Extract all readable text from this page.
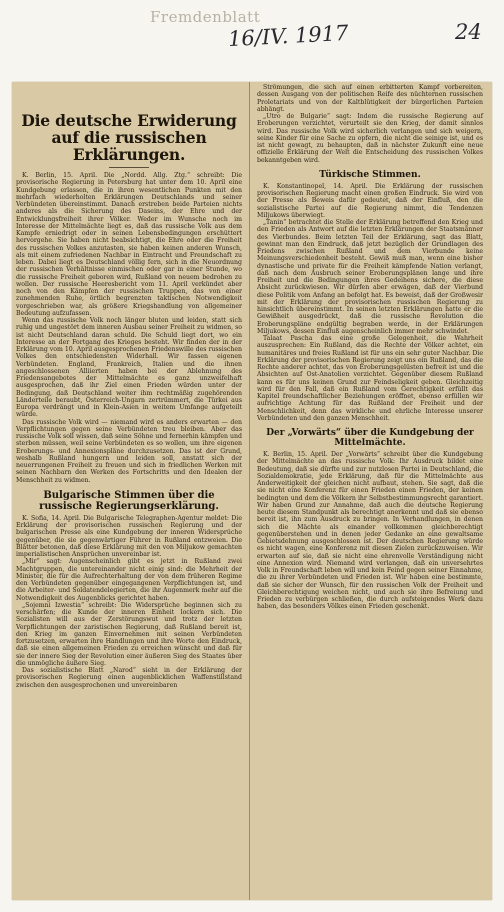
Fremdenblatt
16/IV. 1917	24
Die deutsche Erwiderung auf die russischen Erklärungen.

K. Berlin, 15. April. Die „Nordd. Allg. Ztg.“ schreibt: Die provisorische Regierung in Petersburg hat unter dem 10. April eine Kundgebung erlassen, die in ihren wesentlichen Punkten mit den mehrfach wiederholten Erklärungen Deutschlands und seiner Verbündeten übereinstimmt. Danach erstreben beide Parteien nichts anderes als die Sicherung des Daseins, der Ehre und der Entwicklungsfreiheit ihrer Völker. Weder im Wunsche noch im Interesse der Mittelmächte liegt es, daß das russische Volk aus dem Kampfe erniedrigt oder in seinen Lebensbedingungen erschüttert hervorgehe. Sie haben nicht beabsichtigt, die Ehre oder die Freiheit des russischen Volkes anzutasten, sie haben keinen anderen Wunsch, als mit einem zufriedenen Nachbar in Eintracht und Freundschaft zu leben. Dabei liegt es Deutschland völlig fern, sich in die Neuordnung der russischen Verhältnisse einmischen oder gar in einer Stunde, wo die russische Freiheit geboren wird, Rußland von neuem bedrohen zu wollen. Der russische Heeresbericht vom 11. April verkündet aber noch von den Kämpfen der russischen Truppen, das von einer zunehmenden Ruhe, örtlich begrenzten taktischen Notwendigkeit vorgeschrieben war, als größere Kriegshandlung von allgemeiner Bedeutung aufzufassen.

Wenn das russische Volk noch länger bluten und leiden, statt sich ruhig und ungestört dem inneren Ausbau seiner Freiheit zu widmen, so ist nicht Deutschland daran schuld. Die Schuld liegt dort, wo ein Interesse an der Fortgang des Krieges besteht. Wir finden der in der Erklärung vom 10. April ausgesprochenen Friedenswille des russischen Volkes den entschiedensten Widerhall. Wir fassen eigenen Verbündeten. England, Frankreich, Italien und die ihnen angeschlossenen Alliierten haben bei der Ablehnung des Friedensangebotes der Mittelmächte es ganz unzweifelhaft ausgesprochen, daß ihr Ziel einen Frieden würden unter der Bedingung, daß Deutschland weiter ihm rechtmäßig zugehörenden Länderteile beraubt, Österreich-Ungarn zertrümmert, die Türkei aus Europa verdrängt und in Klein-Asien in weitem Umfange aufgeteilt würde.

Das russische Volk wird — niemand wird es anders erwarten — den Verpflichtungen gegen seine Verbündeten treu bleiben. Aber das russische Volk soll wissen, daß seine Söhne und fernerhin kämpfen und sterben müssen, weil seine Verbündeten es so wollen, um ihre eigenen Eroberungs- und Annexionspläne durchzusetzen. Das ist der Grund, weshalb Rußland hungern und leiden soll, anstatt sich der neuerrungenen Freiheit zu freuen und sich in friedlichen Werken mit seinen Nachbarn den Werken des Fortschritts und den Idealen der Menschheit zu widmen.

Bulgarische Stimmen über die russische Regierungserklärung.

K. Sofia, 14. April. Die Bulgarische Telegraphen-Agentur meldet: Die Erklärung der provisorischen russischen Regierung und der bulgarischen Presse als eine Kundgebung der inneren Widersprüche gegenüber, die sie gegenwärtiger Führer in Rußland entzweien. Die Blätter betonen, daß diese Erklärung mit den von Miljukow gemachten imperialistischen Ansprüchen unvereinbar ist.

„Mir“ sagt: Augenscheinlich gibt es jetzt in Rußland zwei Machtgruppen, die untereinander nicht einig sind: die Mehrheit der Minister, die für die Aufrechterhaltung der von dem früheren Regime den Verbündeten gegenüber eingegangenen Verpflichtungen ist, und die Arbeiter- und Soldatendelegierten, die ihr Augenmerk mehr auf die Notwendigkeit des Augenblicks gerichtet haben.

„Sojemni Izwestia“ schreibt: Die Widersprüche beginnen sich zu verschärfen; die Kunde der inneren Einheit lockern sich. Die Sozialisten will aus der Zerstörungswut und trotz der letzten Verpflichtungen der zaristischen Regierung, daß Rußland bereit ist, den Krieg im ganzen Einvernehmen mit seinen Verbündeten fortzusetzen, erwarten ihre Handlungen und ihre Worte den Eindruck, daß sie einen allgemeinen Frieden zu erreichen wünscht und daß für sie der innere Sieg der Revolution einer äußeren Sieg des Staates über die unmögliche äußere Sieg.

Das sozialistische Blatt „Narod“ sieht in der Erklärung der provisorischen Regierung einen augenblicklichen Waffenstillstand zwischen den ausgesprochenen und unvereinbaren

Strömungen, die sich auf einen erbitterten Kampf vorbereiten, dessen Ausgang von der politischen Reife des nüchternen russischen Proletariats und von der Kaltblütigkeit der bürgerlichen Parteien abhängt.

„Utro de Bulgarie“ sagt: Indem die russische Regierung auf Eroberungen verzichtet, verurteilt sie den Krieg, der damit sinnlos wird. Das russische Volk wird sicherlich verlangen und sich weigern, seine Kinder für eine Sache zu opfern, die nicht die seinige ist, und es ist nicht gewagt, zu behaupten, daß in nächster Zukunft eine neue offizielle Erklärung der Welt die Entscheidung des russischen Volkes bekanntgeben wird.

Türkische Stimmen.

K. Konstantinopel, 14. April. Die Erklärung der russischen provisorischen Regierung macht einen großen Eindruck. Sie wird von der Presse als Beweis dafür gedeutet, daß der Einfluß, den die sozialistische Partei auf die Regierung nimmt, die Tendenzen Miljukows überwiegt.

„Tanin“ betrachtet die Stelle der Erklärung betreffend den Krieg und den Frieden als Antwort auf die letzten Erklärungen der Staatsmänner des Vierbundes. Beim letzten Teil der Erklärung, sagt das Blatt, gewinnt man den Eindruck, daß jetzt bezüglich der Grundlagen des Friedens zwischen Rußland und dem Vierbunde keine Meinungsverschiedenheit besteht. Gewiß muß man, wenn eine bisher dynastische und private für die Freiheit kämpfende Nation verlangt, daß nach dem Ausbruch seiner Eroberungsplänen lange und ihre Freiheit und die Bedingungen ihres Gedeihens sichere, die diese Absicht zurückwiesen. Wir dürfen aber erwägen, daß der Vierbund diese Politik vom Anfang an befolgt hat. Es beweist, daß der Großwesir mit der Erklärung der provisorischen russischen Regierung zu hinsichtlich übereinstimmt. In seinen letzten Erklärungen hatte er die Gewißheit ausgedrückt, daß die russische Revolution die Eroberungspläne endgültig begraben werde, in der Erklärungen Miljukows, dessen Einfluß augenscheinlich immer mehr schwindet.

Talaat Pascha das eine große Gelegenheit, die Wahrheit auszusprechen: Ein Rußland, das die Rechte der Völker achtet, ein humanitäres und freies Rußland ist für uns ein sehr guter Nachbar. Die Erklärung der provisorischen Regierung zeigt uns ein Rußland, das die Rechte anderer achtet, das von Eroberungsgelüsten befreit ist und die Absichten auf Ost-Anatolien verzichtet. Gegenüber diesem Rußland kann es für uns keinen Grund zur Feindseligkeit geben. Gleichzeitig wird für den Fall, daß ein Rußland vom Gerechtigkeit erfüllt das Kapitel freundschaftlicher Beziehungen eröffnet, ebenso erfüllen wir aufrichtige Achtung für das Rußland der Freiheit und der Menschlichkeit, denn das wirkliche und ehrliche Interesse unserer Verbündeten und den ganzen Menschheit.

Der „Vorwärts“ über die Kundgebung der Mittelmächte.

K. Berlin, 15. April. Der „Vorwärts“ schreibt über die Kundgebung der Mittelmächte an das russische Volk: Ihr Ausdruck bildet eine Bedeutung, daß sie dürfte und zur nutzlosen Partei in Deutschland, die Sozialdemokratie, jede Erklärung, daß für die Mittelmächte aus Anderweitigkeit der gleichen nicht aufbaut, stehen. Sie sagt, daß die sie nicht eine Konferenz für einen Frieden einen Frieden, der keinen bedingten und dem die Völkern ihr Selbstbestimmungsrecht garantiert. Wir haben Grund zur Annahme, daß auch die deutsche Regierung heute diesem Standpunkt als berechtigt anerkennt und daß sie ebenso bereit ist, ihn zum Ausdruck zu bringen. In Verhandlungen, in denen sich die Mächte als einander vollkommen gleichberechtigt gegenüberstehen und in denen jeder Gedanke an eine gewaltsame Gebietsdehnung ausgeschlossen ist. Der deutschen Regierung würde es nicht wagen, eine Konferenz mit diesen Zielen zurückzuweisen. Wir erwarten auf sie, daß sie nicht eine ehrenvolle Verständigung nicht eine Annexion wird. Niemand wird verlangen, daß ein unversehrtes Volk in Freundschaft leben will und kein Feind gegen seiner Einnahme, die zu ihrer Verbündeten und Frieden ist. Wir haben eine bestimmte, daß sie sicher der Wunsch, für den russischen Volk der Freiheit und Gleichberechtigung weichen nicht, und auch sie ihre Befreiung und Frieden zu verbürgen schließen, die durch aufsteigendes Werk dazu haben, das besonders Völkes einen Frieden geschenkt.
